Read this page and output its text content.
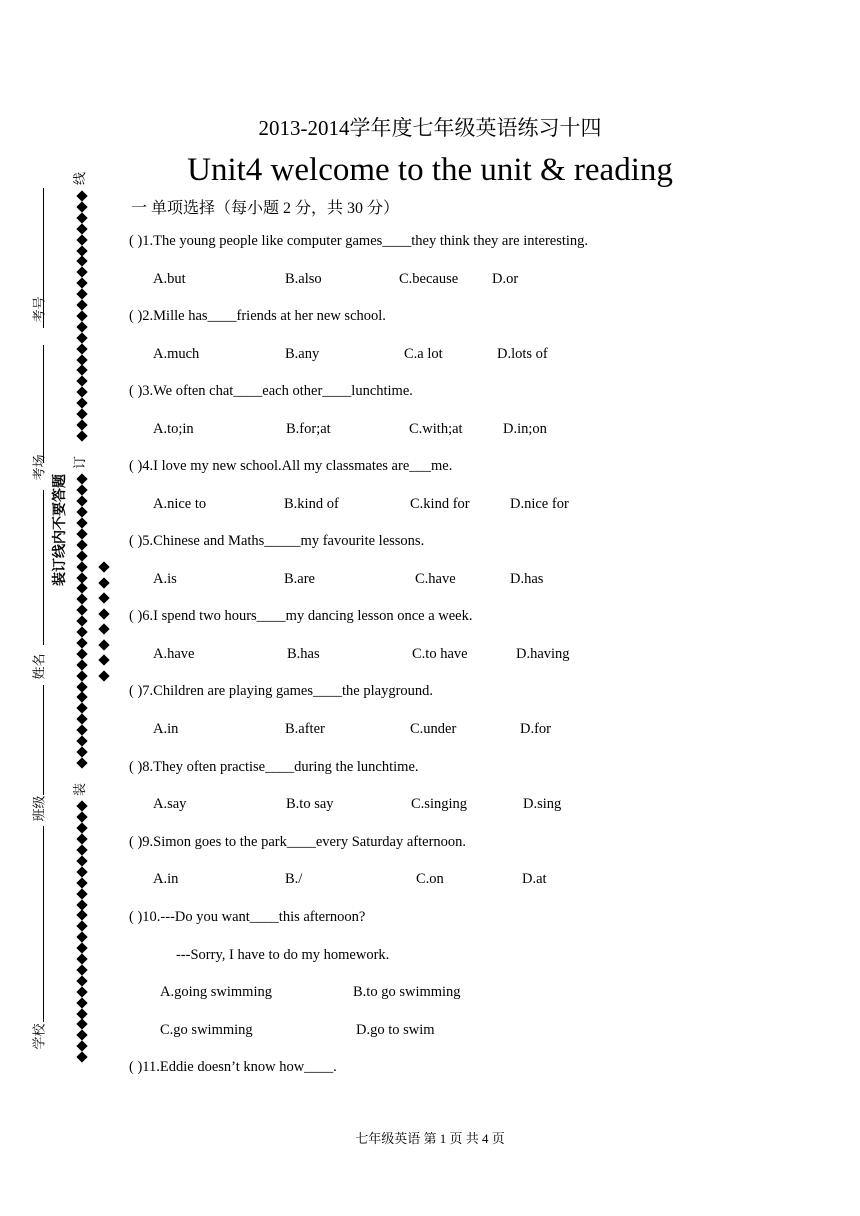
2013-2014学年度七年级英语练习十四
Unit4 welcome to the unit & reading
一 单项选择（每小题 2 分，共 30 分）
( )1.The young people like computer games____they think they are interesting.
A.but	B.also	C.because D.or
( )2.Mille has____friends at her new school.
A.much	B.any	C.a lot	D.lots of
( )3.We often chat____each other____lunchtime.
A.to;in	B.for;at	C.with;at	D.in;on
( )4.I love my new school.All my classmates are___me.
A.nice to	B.kind of	C.kind for	D.nice for
( )5.Chinese and Maths_____my favourite lessons.
A.is	B.are	C.have	D.has
( )6.I spend two hours____my dancing lesson once a week.
A.have	B.has	C.to have	D.having
( )7.Children are playing games____the playground.
A.in	B.after	C.under	D.for
( )8.They often practise____during the lunchtime.
A.say	B.to say	C.singing	D.sing
( )9.Simon goes to the park____every Saturday afternoon.
A.in	B./	C.on	D.at
( )10.---Do you want____this afternoon?
---Sorry, I have to do my homework.
A.going swimming	B.to go swimming
C.go swimming	D.go to swim
( )11.Eddie doesn’t know how____.
考号
考场
姓名
班级
学校
线
订
装
装订线内不要答题
七年级英语 第 1 页 共 4 页
